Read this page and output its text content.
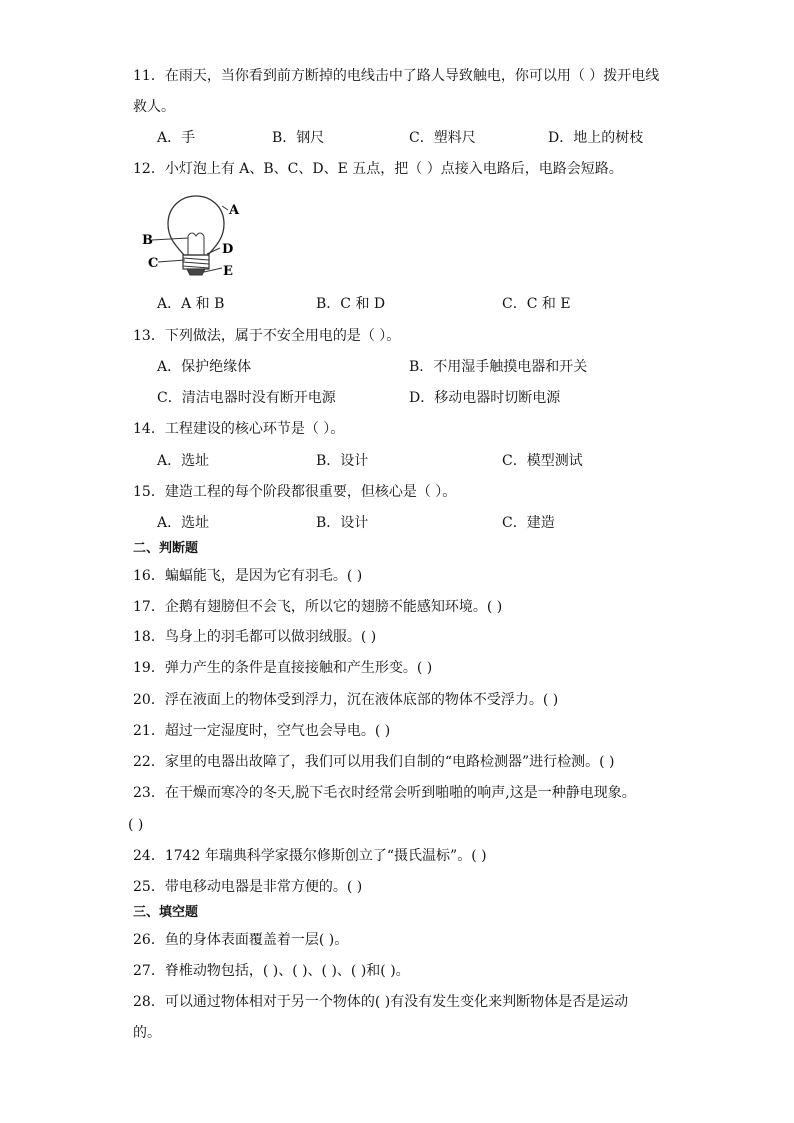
11．在雨天，当你看到前方断掉的电线击中了路人导致触电，你可以用（ ）拨开电线
救人。
A．手	B．钢尺	C．塑料尺	D．地上的树枝
12．小灯泡上有 A、B、C、D、E 五点，把（ ）点接入电路后，电路会短路。
A
B
C
D
E
A．A 和 B	B．C 和 D	C．C 和 E
13．下列做法，属于不安全用电的是（ ）。
A．保护绝缘体	B．不用湿手触摸电器和开关
C．清洁电器时没有断开电源	D．移动电器时切断电源
14．工程建设的核心环节是（ ）。
A．选址	B．设计	C．模型测试
15．建造工程的每个阶段都很重要，但核心是（ ）。
A．选址	B．设计	C．建造
二、判断题
16．蝙蝠能飞，是因为它有羽毛。( )
17．企鹅有翅膀但不会飞，所以它的翅膀不能感知环境。( )
18．鸟身上的羽毛都可以做羽绒服。( )
19．弹力产生的条件是直接接触和产生形变。( )
20．浮在液面上的物体受到浮力，沉在液体底部的物体不受浮力。( )
21．超过一定湿度时，空气也会导电。( )
22．家里的电器出故障了，我们可以用我们自制的“电路检测器”进行检测。( )
23．在干燥而寒冷的冬天,脱下毛衣时经常会听到啪啪的响声,这是一种静电现象。
( )
24．1742 年瑞典科学家摄尔修斯创立了“摄氏温标”。( )
25．带电移动电器是非常方便的。( )
三、填空题
26．鱼的身体表面覆盖着一层( )。
27．脊椎动物包括，( )、( )、( )、( )和( )。
28．可以通过物体相对于另一个物体的( )有没有发生变化来判断物体是否是运动
的。
